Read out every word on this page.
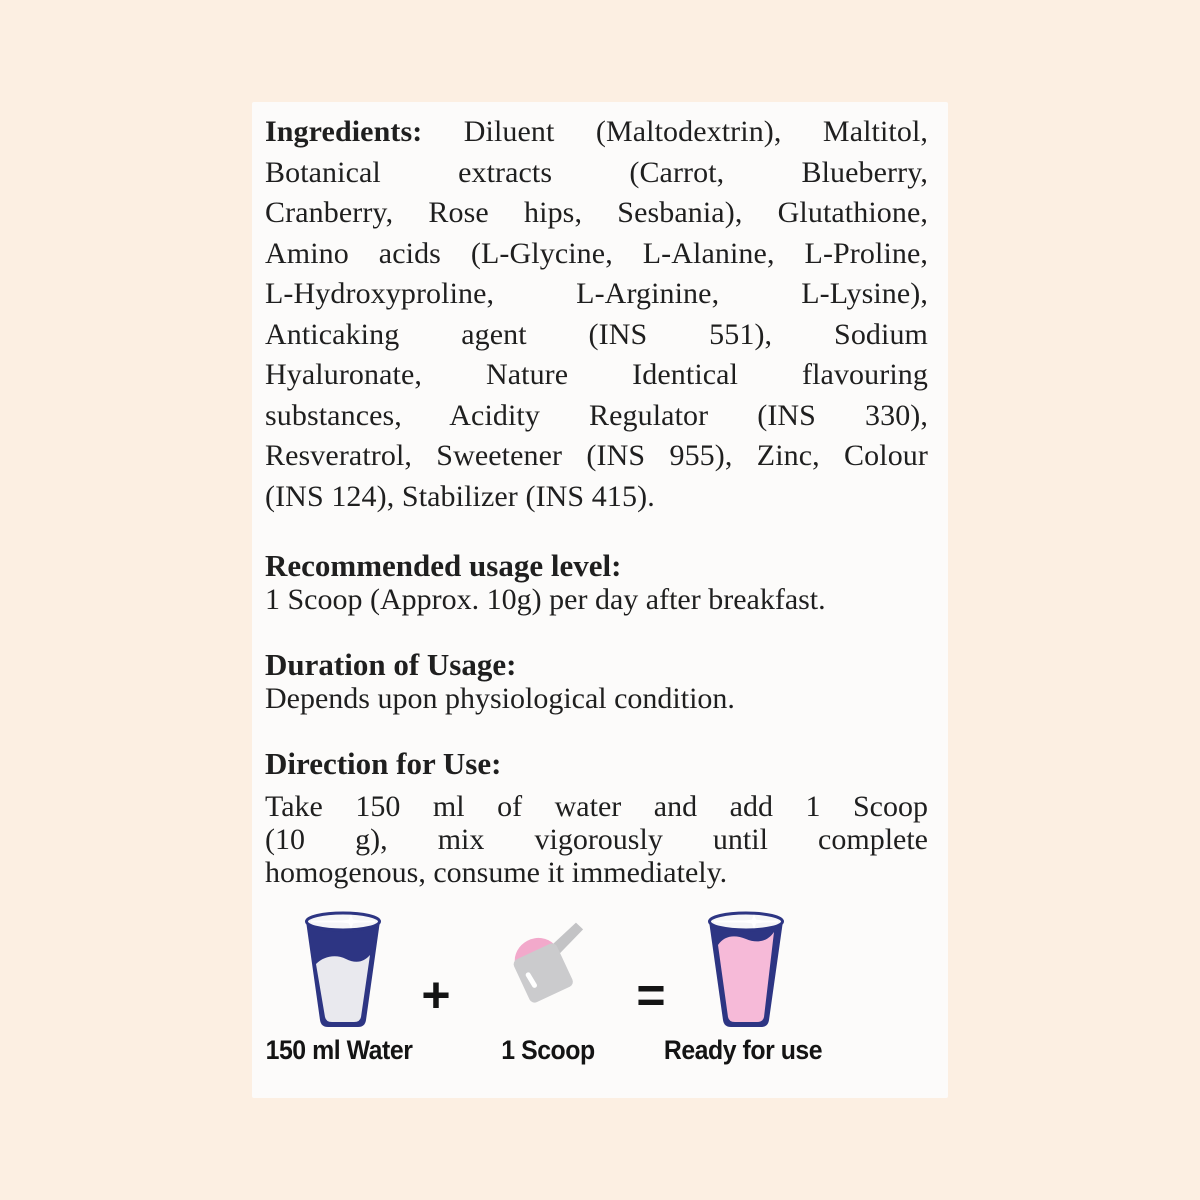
Ingredients: Diluent (Maltodextrin), Maltitol,
Botanical extracts (Carrot, Blueberry,
Cranberry, Rose hips, Sesbania), Glutathione,
Amino acids (L-Glycine, L-Alanine, L-Proline,
L-Hydroxyproline, L-Arginine, L-Lysine),
Anticaking agent (INS 551), Sodium
Hyaluronate, Nature Identical flavouring
substances, Acidity Regulator (INS 330),
Resveratrol, Sweetener (INS 955), Zinc, Colour
(INS 124), Stabilizer (INS 415).
Recommended usage level:
1 Scoop (Approx. 10g) per day after breakfast.
Duration of Usage:
Depends upon physiological condition.
Direction for Use:
Take 150 ml of water and add 1 Scoop
(10 g), mix vigorously until complete
homogenous, consume it immediately.
+	=
150 ml Water	1 Scoop	Ready for use
